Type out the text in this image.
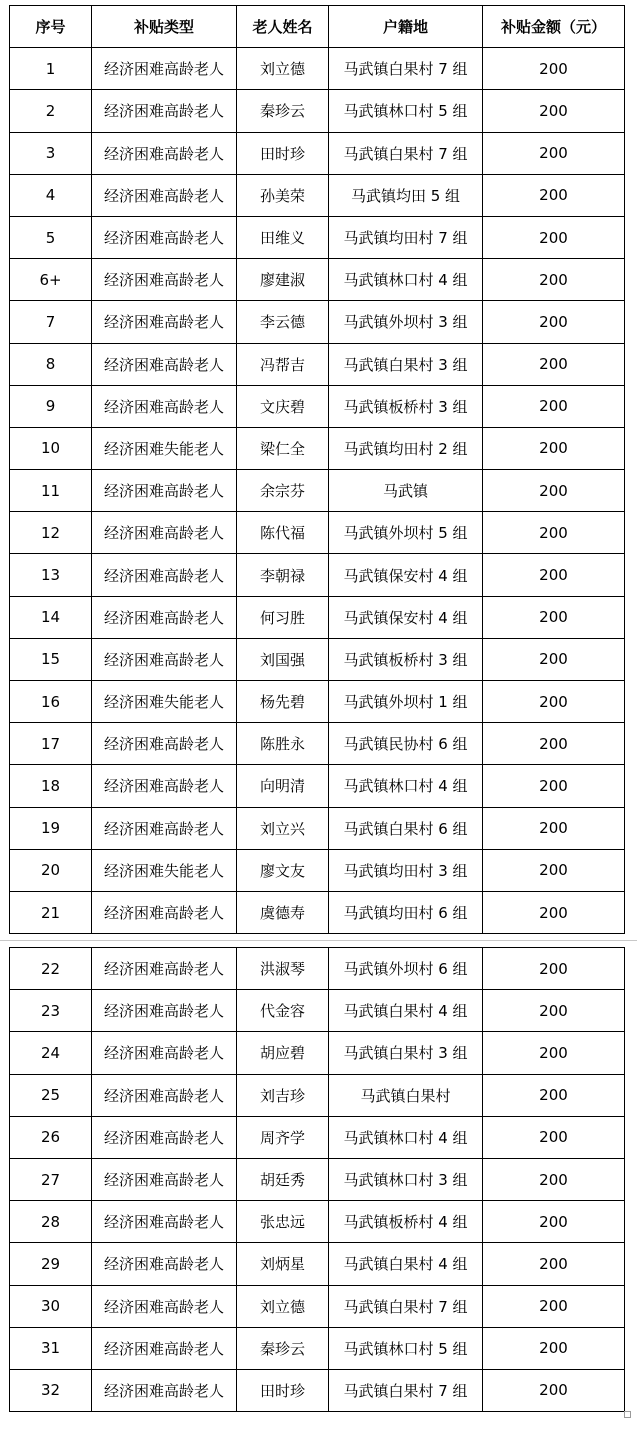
序号	补贴类型	老人姓名	户籍地	补贴金额（元）
1	经济困难高龄老人	刘立德	马武镇白果村 7 组	200
2	经济困难高龄老人	秦珍云	马武镇林口村 5 组	200
3	经济困难高龄老人	田时珍	马武镇白果村 7 组	200
4	经济困难高龄老人	孙美荣	马武镇均田 5 组	200
5	经济困难高龄老人	田维义	马武镇均田村 7 组	200
6+	经济困难高龄老人	廖建淑	马武镇林口村 4 组	200
7	经济困难高龄老人	李云德	马武镇外坝村 3 组	200
8	经济困难高龄老人	冯帮吉	马武镇白果村 3 组	200
9	经济困难高龄老人	文庆碧	马武镇板桥村 3 组	200
10	经济困难失能老人	梁仁全	马武镇均田村 2 组	200
11	经济困难高龄老人	余宗芬	马武镇	200
12	经济困难高龄老人	陈代福	马武镇外坝村 5 组	200
13	经济困难高龄老人	李朝禄	马武镇保安村 4 组	200
14	经济困难高龄老人	何习胜	马武镇保安村 4 组	200
15	经济困难高龄老人	刘国强	马武镇板桥村 3 组	200
16	经济困难失能老人	杨先碧	马武镇外坝村 1 组	200
17	经济困难高龄老人	陈胜永	马武镇民协村 6 组	200
18	经济困难高龄老人	向明清	马武镇林口村 4 组	200
19	经济困难高龄老人	刘立兴	马武镇白果村 6 组	200
20	经济困难失能老人	廖文友	马武镇均田村 3 组	200
21	经济困难高龄老人	虞德寿	马武镇均田村 6 组	200
22	经济困难高龄老人	洪淑琴	马武镇外坝村 6 组	200
23	经济困难高龄老人	代金容	马武镇白果村 4 组	200
24	经济困难高龄老人	胡应碧	马武镇白果村 3 组	200
25	经济困难高龄老人	刘吉珍	马武镇白果村	200
26	经济困难高龄老人	周齐学	马武镇林口村 4 组	200
27	经济困难高龄老人	胡廷秀	马武镇林口村 3 组	200
28	经济困难高龄老人	张忠远	马武镇板桥村 4 组	200
29	经济困难高龄老人	刘炳星	马武镇白果村 4 组	200
30	经济困难高龄老人	刘立德	马武镇白果村 7 组	200
31	经济困难高龄老人	秦珍云	马武镇林口村 5 组	200
32	经济困难高龄老人	田时珍	马武镇白果村 7 组	200
